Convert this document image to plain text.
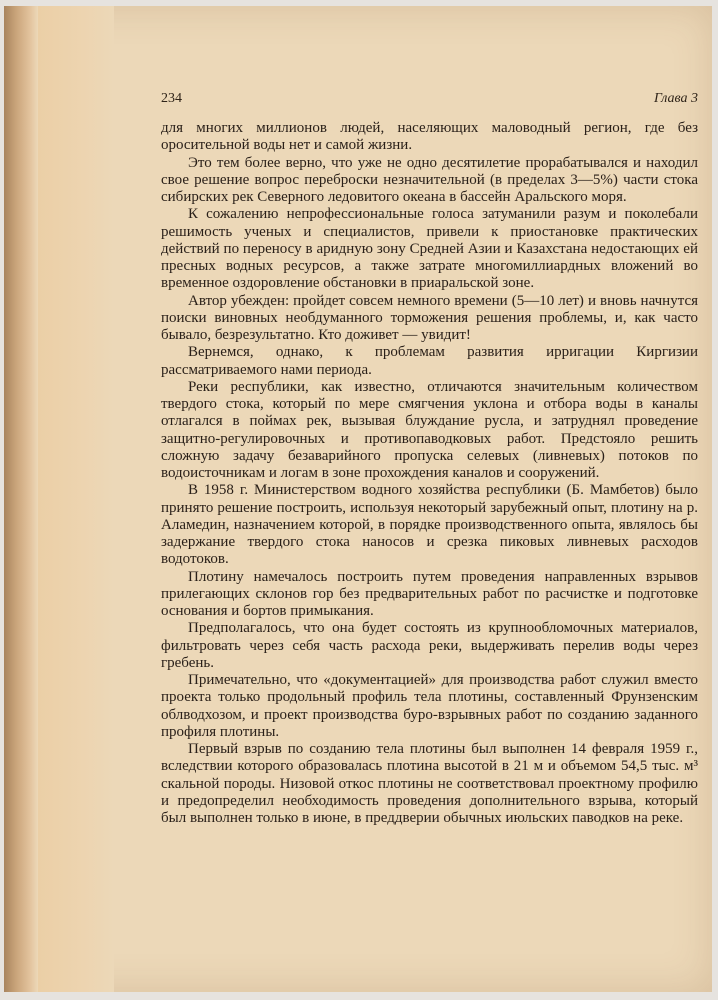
234	Глава 3

для многих миллионов людей, населяющих маловодный регион, где без оросительной воды нет и самой жизни.

Это тем более верно, что уже не одно десятилетие прорабатывался и находил свое решение вопрос переброски незначительной (в пределах 3—5%) части стока сибирских рек Северного ледовитого океана в бассейн Аральского моря.

К сожалению непрофессиональные голоса затуманили разум и поколебали решимость ученых и специалистов, привели к приостановке практических действий по переносу в аридную зону Средней Азии и Казахстана недостающих ей пресных водных ресурсов, а также затрате многомиллиардных вложений во временное оздоровление обстановки в приаральской зоне.

Автор убежден: пройдет совсем немного времени (5—10 лет) и вновь начнутся поиски виновных необдуманного торможения решения проблемы, и, как часто бывало, безрезультатно. Кто доживет — увидит!

Вернемся, однако, к проблемам развития ирригации Киргизии рассматриваемого нами периода.

Реки республики, как известно, отличаются значительным количеством твердого стока, который по мере смягчения уклона и отбора воды в каналы отлагался в поймах рек, вызывая блуждание русла, и затруднял проведение защитно-регулировочных и противопаводковых работ. Предстояло решить сложную задачу безаварийного пропуска селевых (ливневых) потоков по водоисточникам и логам в зоне прохождения каналов и сооружений.

В 1958 г. Министерством водного хозяйства республики (Б. Мамбетов) было принято решение построить, используя некоторый зарубежный опыт, плотину на р. Аламедин, назначением которой, в порядке производственного опыта, являлось бы задержание твердого стока наносов и срезка пиковых ливневых расходов водотоков.

Плотину намечалось построить путем проведения направленных взрывов прилегающих склонов гор без предварительных работ по расчистке и подготовке основания и бортов примыкания.

Предполагалось, что она будет состоять из крупнообломочных материалов, фильтровать через себя часть расхода реки, выдерживать перелив воды через гребень.

Примечательно, что «документацией» для производства работ служил вместо проекта только продольный профиль тела плотины, составленный Фрунзенским облводхозом, и проект производства буро-взрывных работ по созданию заданного профиля плотины.

Первый взрыв по созданию тела плотины был выполнен 14 февраля 1959 г., вследствии которого образовалась плотина высотой в 21 м и объемом 54,5 тыс. м³ скальной породы. Низовой откос плотины не соответствовал проектному профилю и предопределил необходимость проведения дополнительного взрыва, который был выполнен только в июне, в преддверии обычных июльских паводков на реке.
